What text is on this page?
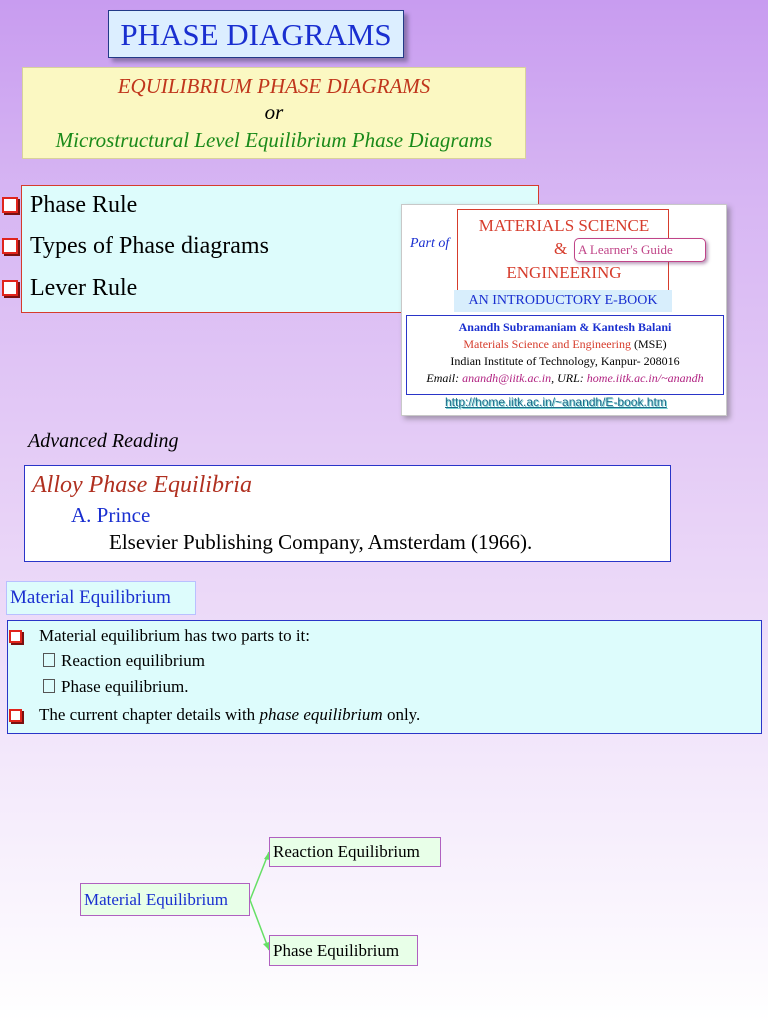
PHASE DIAGRAMS
EQUILIBRIUM PHASE DIAGRAMS
or
Microstructural Level Equilibrium Phase Diagrams
Phase Rule
Types of Phase diagrams
Lever Rule
Part of
MATERIALS SCIENCE
& A Learner's Guide
ENGINEERING
AN INTRODUCTORY E-BOOK
Anandh Subramaniam & Kantesh Balani
Materials Science and Engineering (MSE)
Indian Institute of Technology, Kanpur- 208016
Email: anandh@iitk.ac.in, URL: home.iitk.ac.in/~anandh
http://home.iitk.ac.in/~anandh/E-book.htm
Advanced Reading
Alloy Phase Equilibria
A. Prince
Elsevier Publishing Company, Amsterdam (1966).
Material Equilibrium
Material equilibrium has two parts to it:
Reaction equilibrium
Phase equilibrium.
The current chapter details with phase equilibrium only.
Material Equilibrium
Reaction Equilibrium
Phase Equilibrium
